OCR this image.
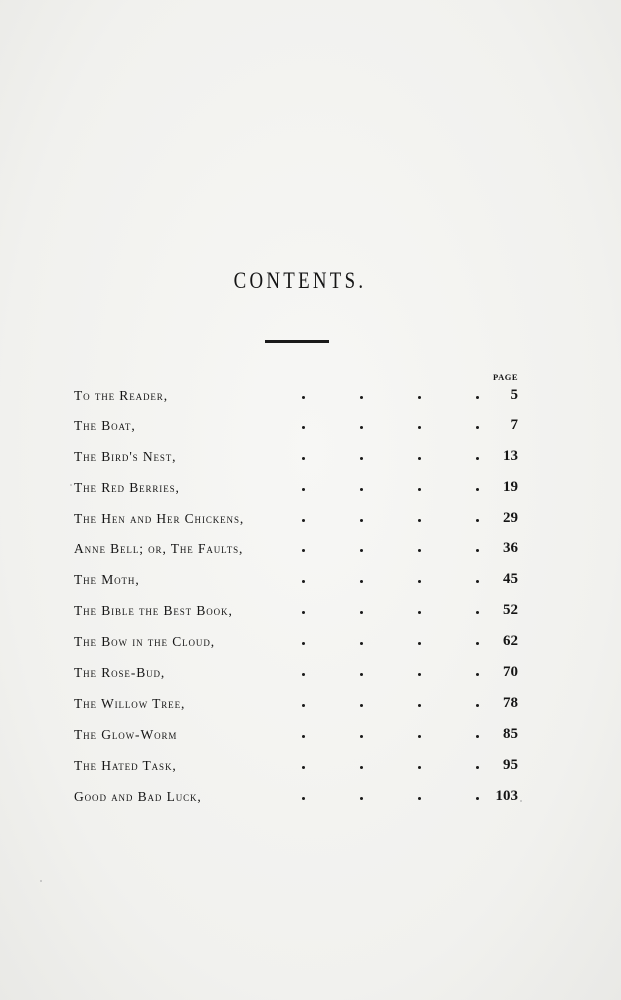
CONTENTS.
PAGE
To the Reader,	5
The Boat,	7
The Bird's Nest,	13
The Red Berries,	19
The Hen and Her Chickens,	29
Anne Bell; or, The Faults,	36
The Moth,	45
The Bible the Best Book,	52
The Bow in the Cloud,	62
The Rose-Bud,	70
The Willow Tree,	78
The Glow-Worm	85
The Hated Task,	95
Good and Bad Luck,	103
